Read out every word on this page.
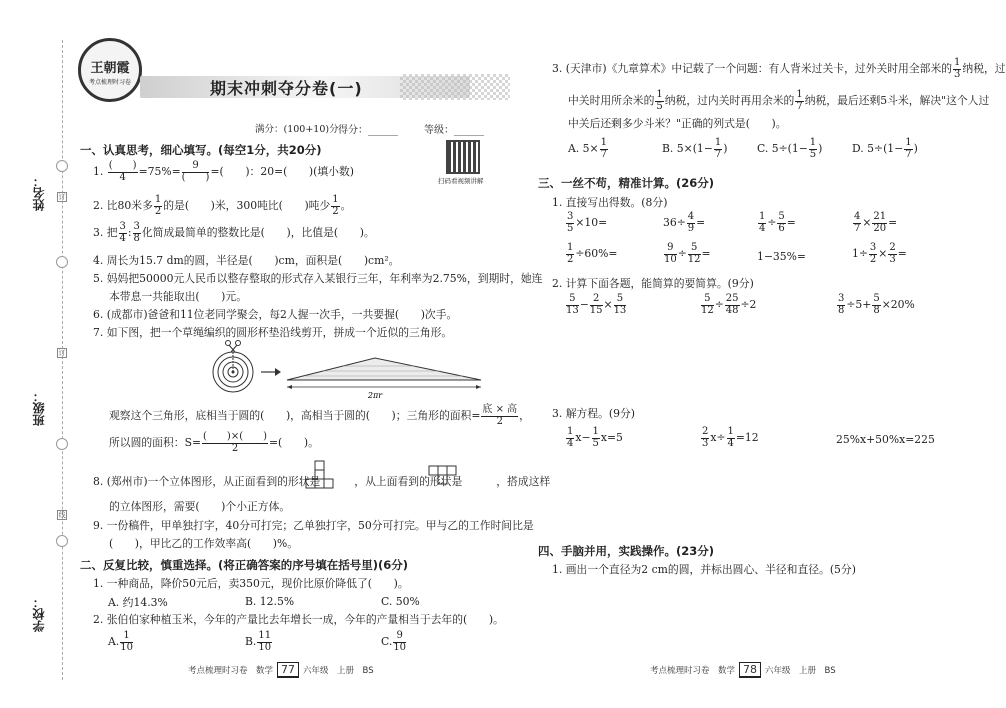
订
订
线
姓名：
班级：
学校：
王朝霞
考点梳理时习卷	期末冲刺夺分卷(一)
满分：(100+10)分 得分：______	等级：______
扫码看视频讲解
一、认真思考，细心填写。(每空1分，共20分)
1. $\frac{( )}{4} =75\%= \frac{9}{( )}$ =(　　)：20=(　　)(填小数)
2. 比80米多 $\frac{1}{2}$ 的是(　　)米，300吨比(　　)吨少 $\frac{1}{2}$ 。
3. 把 $\frac{3}{4}$ : $\frac{3}{8}$ 化简成最简单的整数比是(　　)，比值是(　　)。
4. 周长为15.7 dm的圆，半径是(　　)cm，面积是(　　)cm²。
5. 妈妈把50000元人民币以整存整取的形式存入某银行三年，年利率为2.75%，到期时，她连
本带息一共能取出(　　)元。
6. (成都市)爸爸和11位老同学聚会，每2人握一次手，一共要握(　　)次手。
7. 如下图，把一个草绳编织的圆形杯垫沿线剪开，拼成一个近似的三角形。
2πr
观察这个三角形，底相当于圆的(　　)，高相当于圆的(　　)；三角形的面积= $\frac{\text{底 × 高}}{2}$ ，
所以圆的面积：$S= \frac{( )\times( )}{2}$ =(　　)。
8. (郑州市)一个立体图形，从正面看到的形状是	，从上面看到的形状是	，搭成这样
的立体图形，需要(　　)个小正方体。
9. 一份稿件，甲单独打字，40分可打完；乙单独打字，50分可打完。甲与乙的工作时间比是
(　　)，甲比乙的工作效率高(　　)%。
二、反复比较，慎重选择。(将正确答案的序号填在括号里)(6分)
1. 一种商品，降价50元后，卖350元，现价比原价降低了(　　)。
A. 约14.3%	B. 12.5%	C. 50%
2. 张伯伯家种植玉米，今年的产量比去年增长一成，今年的产量相当于去年的(　　)。
A. $\frac{1}{10}$	B. $\frac{11}{10}$	C. $\frac{9}{10}$
考点梳理时习卷　数学 77 六年级　上册　BS
3. (天津市)《九章算术》中记载了一个问题：有人背米过关卡，过外关时用全部米的 $\frac{1}{3}$ 纳税，过
中关时用所余米的 $\frac{1}{5}$ 纳税，过内关时再用余米的 $\frac{1}{7}$ 纳税，最后还剩5斗米，解决"这个人过
中关后还剩多少斗米？"正确的列式是(　　)。
A. $5\times \frac{1}{7}$	B. $5\times(1- \frac{1}{7}$ )	C. $5\div(1- \frac{1}{5}$ )	D. $5\div(1- \frac{1}{7}$ )
三、一丝不苟，精准计算。(26分)
1. 直接写出得数。(8分)
$\frac{3}{5} \times 10=$	$36\div \frac{4}{9}$ =	$\frac{1}{4} \div \frac{5}{6}$ =	$\frac{4}{7} \times \frac{21}{20}$ =
$\frac{1}{2} \div 60\%=$	$\frac{9}{10} \div \frac{5}{12}$ =	1−35%=	$1\div \frac{3}{2} \times \frac{2}{3}$ =
2. 计算下面各题，能简算的要简算。(9分)
$\frac{5}{13} - \frac{2}{15} \times \frac{5}{13}$	$\frac{5}{12} \div \frac{25}{48} \div 2$	$\frac{3}{8} \div 5+ \frac{5}{8} \times 20\%$
3. 解方程。(9分)
$\frac{1}{4} x- \frac{1}{5} x=5$	$\frac{2}{3} x\div \frac{1}{4} =12$	25%x+50%x=225
四、手脑并用，实践操作。(23分)
1. 画出一个直径为2 cm的圆，并标出圆心、半径和直径。(5分)
考点梳理时习卷　数学 78 六年级　上册　BS
